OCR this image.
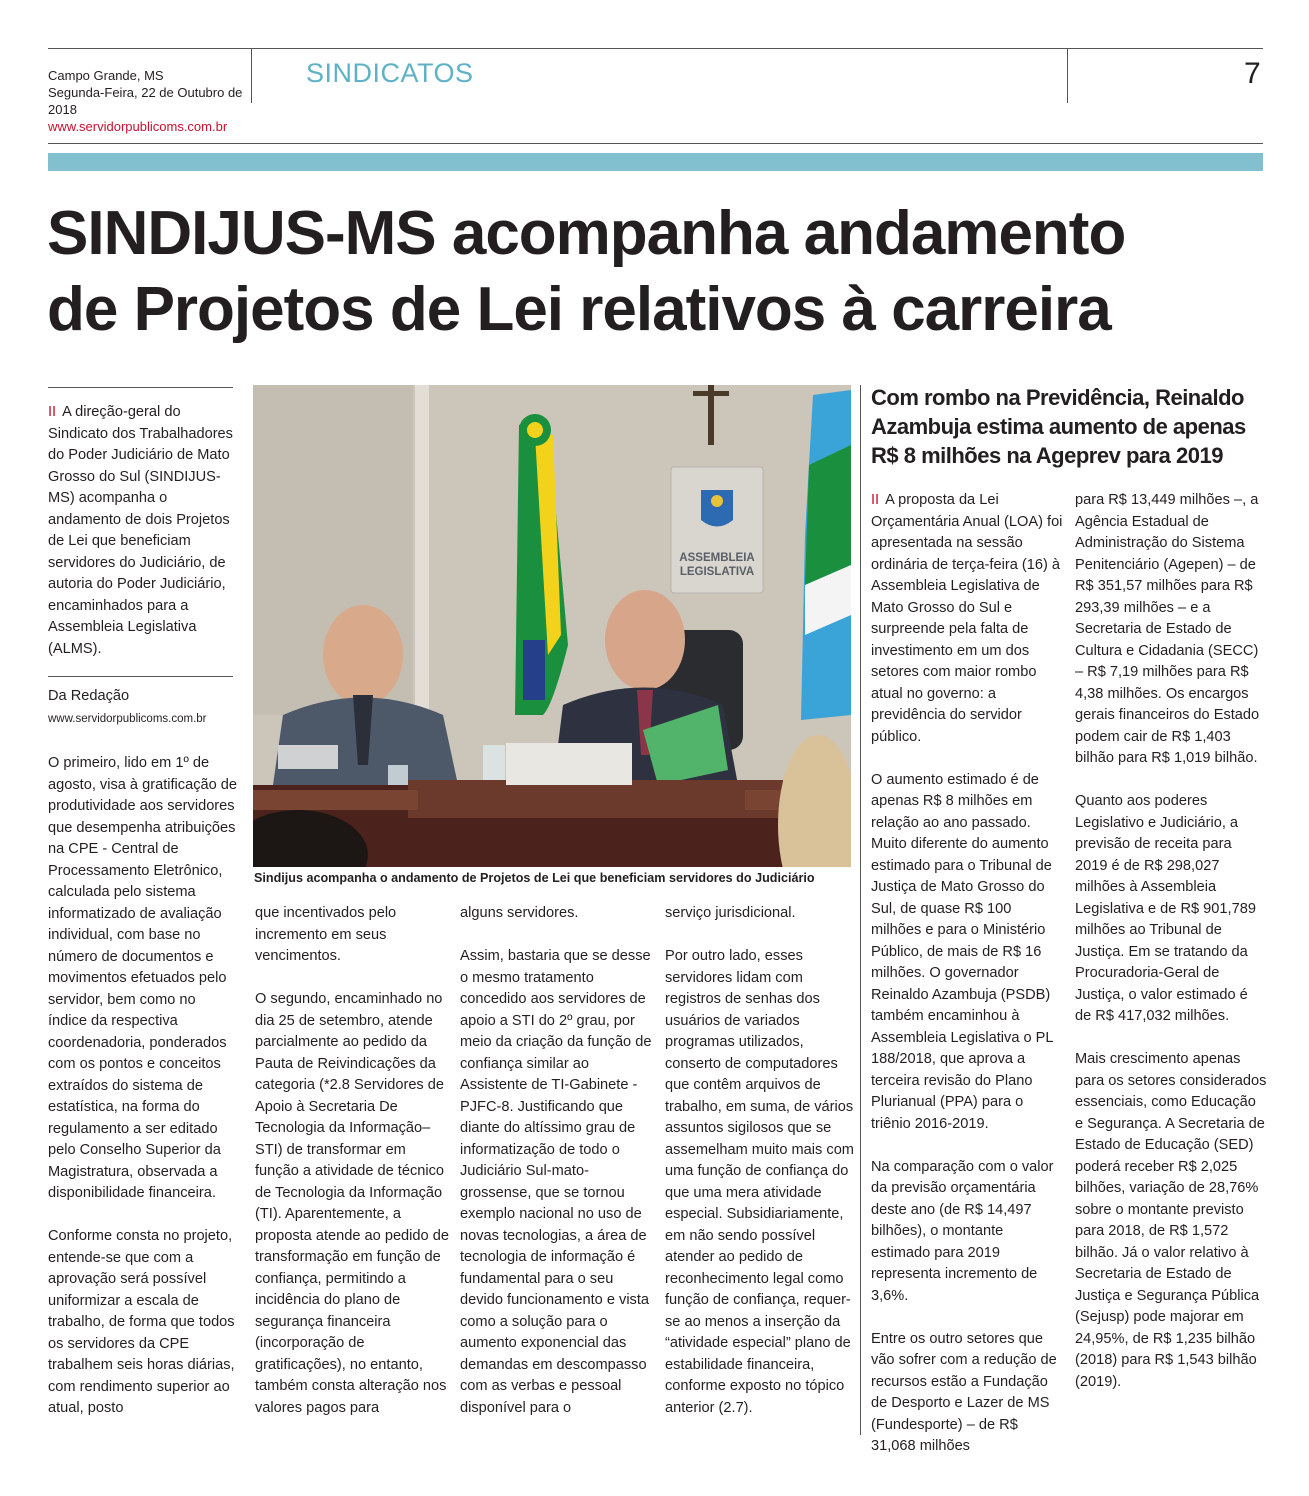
Campo Grande, MS
Segunda-Feira, 22 de Outubro de 2018
www.servidorpublicoms.com.br
SINDICATOS	7
SINDIJUS-MS acompanha andamento
de Projetos de Lei relativos à carreira
II A direção-geral do Sindicato dos Trabalhadores do Poder Judiciário de Mato Grosso do Sul (SINDIJUS-MS) acompanha o andamento de dois Projetos de Lei que beneficiam servidores do Judiciário, de autoria do Poder Judiciário, encaminhados para a Assembleia Legislativa (ALMS).
Da Redação
www.servidorpublicoms.com.br

O primeiro, lido em 1º de agosto, visa à gratificação de produtividade aos servidores que desempenha atribuições na CPE - Central de Processamento Eletrônico, calculada pelo sistema informatizado de avaliação individual, com base no número de documentos e movimentos efetuados pelo servidor, bem como no índice da respectiva coordenadoria, ponderados com os pontos e conceitos extraídos do sistema de estatística, na forma do regulamento a ser editado pelo Conselho Superior da Magistratura, observada a disponibilidade financeira.

Conforme consta no projeto, entende-se que com a aprovação será possível uniformizar a escala de trabalho, de forma que todos os servidores da CPE trabalhem seis horas diárias, com rendimento superior ao atual, posto

ASSEMBLEIA
LEGISLATIVA
Sindijus acompanha o andamento de Projetos de Lei que beneficiam servidores do Judiciário

que incentivados pelo incremento em seus vencimentos.

O segundo, encaminhado no dia 25 de setembro, atende parcialmente ao pedido da Pauta de Reivindicações da categoria (*2.8 Servidores de Apoio à Secretaria De Tecnologia da Informação–STI) de transformar em função a atividade de técnico de Tecnologia da Informação (TI). Aparentemente, a proposta atende ao pedido de transformação em função de confiança, permitindo a incidência do plano de segurança financeira (incorporação de gratificações), no entanto, também consta alteração nos valores pagos para

alguns servidores.

Assim, bastaria que se desse o mesmo tratamento concedido aos servidores de apoio a STI do 2º grau, por meio da criação da função de confiança similar ao Assistente de TI-Gabinete - PJFC-8. Justificando que diante do altíssimo grau de informatização de todo o Judiciário Sul-mato-grossense, que se tornou exemplo nacional no uso de novas tecnologias, a área de tecnologia de informação é fundamental para o seu devido funcionamento e vista como a solução para o aumento exponencial das demandas em descompasso com as verbas e pessoal disponível para o

serviço jurisdicional.

Por outro lado, esses servidores lidam com registros de senhas dos usuários de variados programas utilizados, conserto de computadores que contêm arquivos de trabalho, em suma, de vários assuntos sigilosos que se assemelham muito mais com uma função de confiança do que uma mera atividade especial. Subsidiariamente, em não sendo possível atender ao pedido de reconhecimento legal como função de confiança, requer-se ao menos a inserção da “atividade especial” plano de estabilidade financeira, conforme exposto no tópico anterior (2.7).

Com rombo na Previdência, Reinaldo Azambuja estima aumento de apenas R$ 8 milhões na Ageprev para 2019

II A proposta da Lei Orçamentária Anual (LOA) foi apresentada na sessão ordinária de terça-feira (16) à Assembleia Legislativa de Mato Grosso do Sul e surpreende pela falta de investimento em um dos setores com maior rombo atual no governo: a previdência do servidor público.

O aumento estimado é de apenas R$ 8 milhões em relação ao ano passado. Muito diferente do aumento estimado para o Tribunal de Justiça de Mato Grosso do Sul, de quase R$ 100 milhões e para o Ministério Público, de mais de R$ 16 milhões. O governador Reinaldo Azambuja (PSDB) também encaminhou à Assembleia Legislativa o PL 188/2018, que aprova a terceira revisão do Plano Plurianual (PPA) para o triênio 2016-2019.

Na comparação com o valor da previsão orçamentária deste ano (de R$ 14,497 bilhões), o montante estimado para 2019 representa incremento de 3,6%.

Entre os outro setores que vão sofrer com a redução de recursos estão a Fundação de Desporto e Lazer de MS (Fundesporte) – de R$ 31,068 milhões

para R$ 13,449 milhões –, a Agência Estadual de Administração do Sistema Penitenciário (Agepen) – de R$ 351,57 milhões para R$ 293,39 milhões – e a Secretaria de Estado de Cultura e Cidadania (SECC) – R$ 7,19 milhões para R$ 4,38 milhões. Os encargos gerais financeiros do Estado podem cair de R$ 1,403 bilhão para R$ 1,019 bilhão.

Quanto aos poderes Legislativo e Judiciário, a previsão de receita para 2019 é de R$ 298,027 milhões à Assembleia Legislativa e de R$ 901,789 milhões ao Tribunal de Justiça. Em se tratando da Procuradoria-Geral de Justiça, o valor estimado é de R$ 417,032 milhões.

Mais crescimento apenas para os setores considerados essenciais, como Educação e Segurança. A Secretaria de Estado de Educação (SED) poderá receber R$ 2,025 bilhões, variação de 28,76% sobre o montante previsto para 2018, de R$ 1,572 bilhão. Já o valor relativo à Secretaria de Estado de Justiça e Segurança Pública (Sejusp) pode majorar em 24,95%, de R$ 1,235 bilhão (2018) para R$ 1,543 bilhão (2019).
